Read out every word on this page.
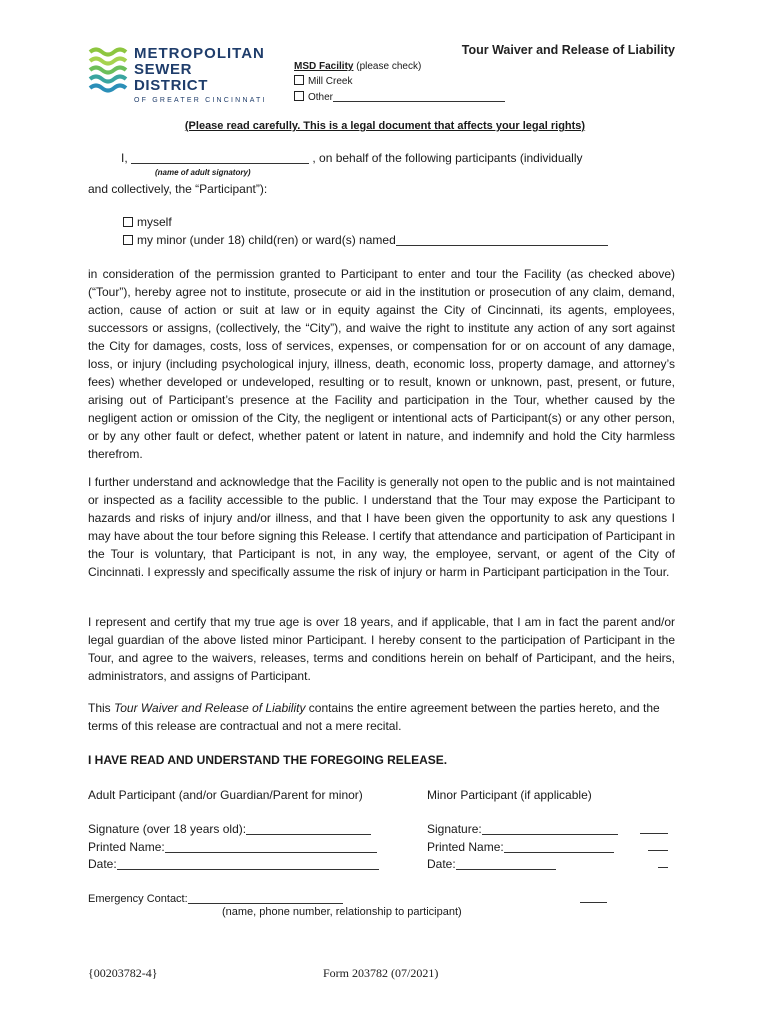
METROPOLITAN
SEWER DISTRICT
OF GREATER CINCINNATI
Tour Waiver and Release of Liability
MSD Facility (please check)
Mill Creek
Other
(Please read carefully. This is a legal document that affects your legal rights)
I,	, on behalf of the following participants (individually
(name of adult signatory)
and collectively, the “Participant”):
myself
my minor (under 18) child(ren) or ward(s) named
in consideration of the permission granted to Participant to enter and tour the Facility (as checked above) (“Tour”), hereby agree not to institute, prosecute or aid in the institution or prosecution of any claim, demand, action, cause of action or suit at law or in equity against the City of Cincinnati, its agents, employees, successors or assigns, (collectively, the “City”), and waive the right to institute any action of any sort against the City for damages, costs, loss of services, expenses, or compensation for or on account of any damage, loss, or injury (including psychological injury, illness, death, economic loss, property damage, and attorney’s fees) whether developed or undeveloped, resulting or to result, known or unknown, past, present, or future, arising out of Participant’s presence at the Facility and participation in the Tour, whether caused by the negligent action or omission of the City, the negligent or intentional acts of Participant(s) or any other person, or by any other fault or defect, whether patent or latent in nature, and indemnify and hold the City harmless therefrom.
I further understand and acknowledge that the Facility is generally not open to the public and is not maintained or inspected as a facility accessible to the public. I understand that the Tour may expose the Participant to hazards and risks of injury and/or illness, and that I have been given the opportunity to ask any questions I may have about the tour before signing this Release. I certify that attendance and participation of Participant in the Tour is voluntary, that Participant is not, in any way, the employee, servant, or agent of the City of Cincinnati. I expressly and specifically assume the risk of injury or harm in Participant participation in the Tour.
I represent and certify that my true age is over 18 years, and if applicable, that I am in fact the parent and/or legal guardian of the above listed minor Participant. I hereby consent to the participation of Participant in the Tour, and agree to the waivers, releases, terms and conditions herein on behalf of Participant, and the heirs, administrators, and assigns of Participant.
This Tour Waiver and Release of Liability contains the entire agreement between the parties hereto, and the terms of this release are contractual and not a mere recital.
I HAVE READ AND UNDERSTAND THE FOREGOING RELEASE.
Adult Participant (and/or Guardian/Parent for minor)	Minor Participant (if applicable)
Signature (over 18 years old):
Printed Name:
Date:
Signature:
Printed Name:
Date:
Emergency Contact:
(name, phone number, relationship to participant)
{00203782-4}	Form 203782 (07/2021)
